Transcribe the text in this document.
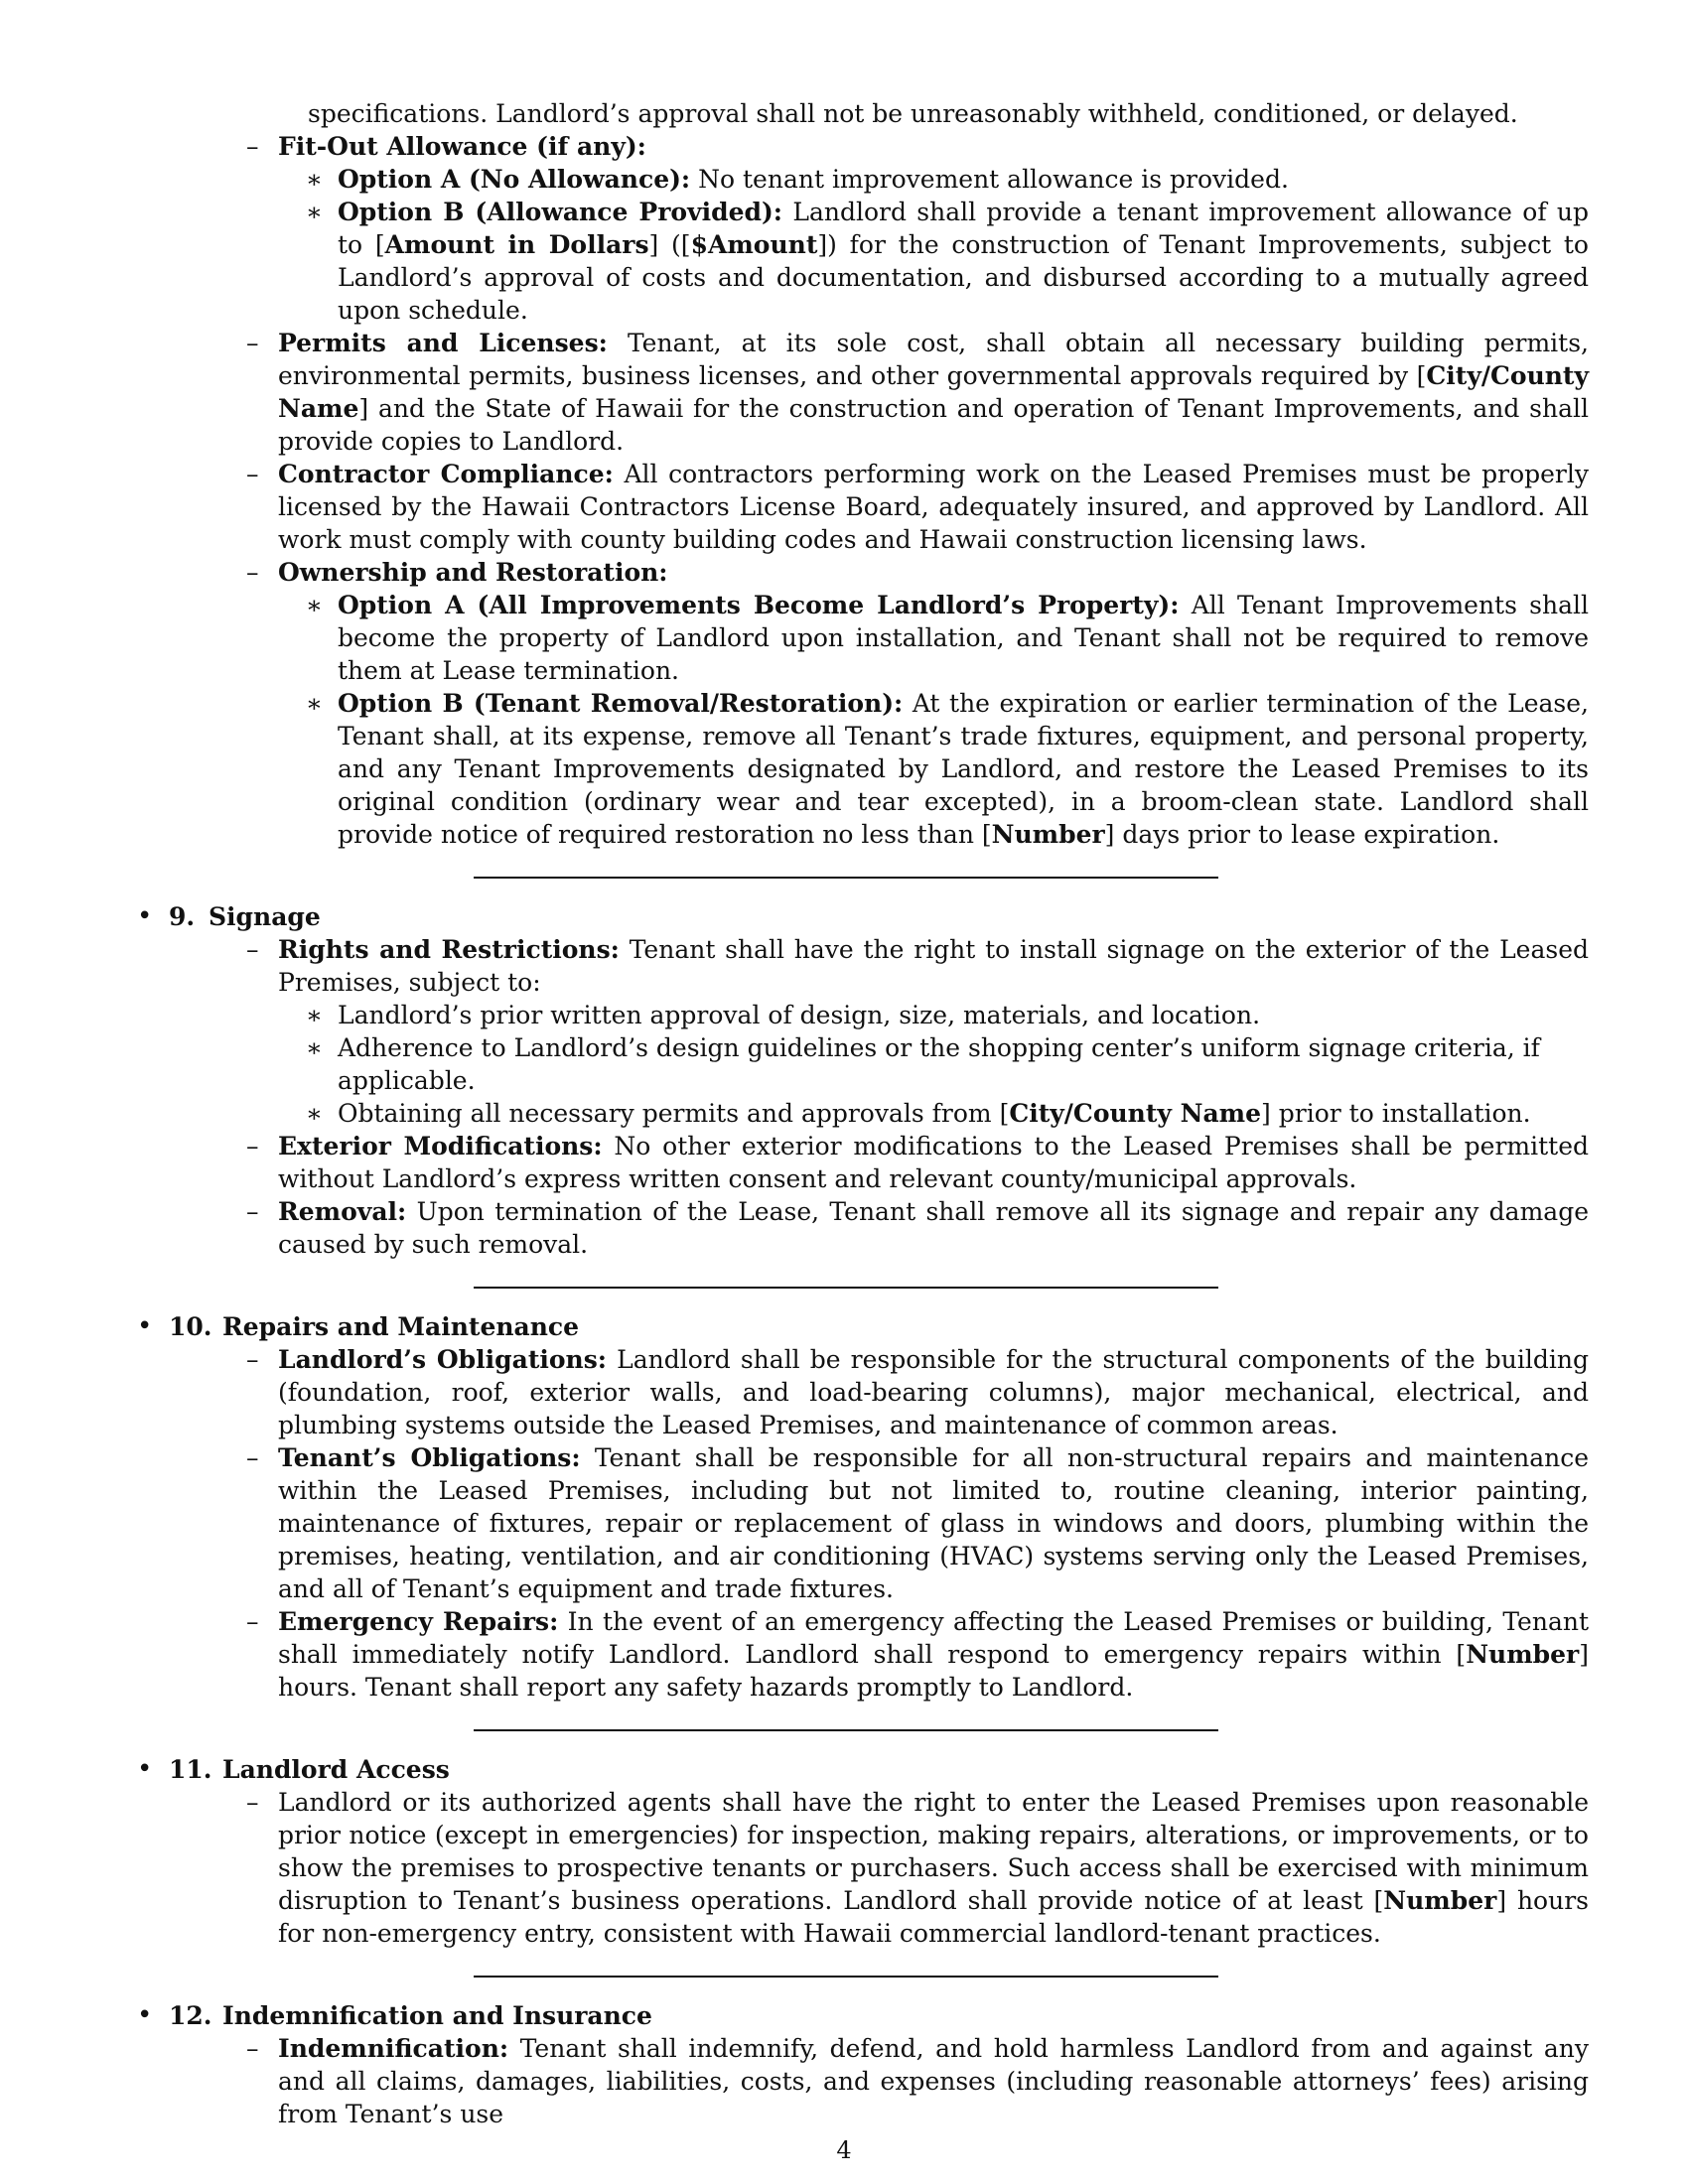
specifications. Landlord’s approval shall not be unreasonably withheld, conditioned, or delayed.
– Fit-Out Allowance (if any):
∗ Option A (No Allowance): No tenant improvement allowance is provided.
∗ Option B (Allowance Provided): Landlord shall provide a tenant improvement allowance of up to [Amount in Dollars] ([$Amount]) for the construction of Tenant Improvements, subject to Landlord’s approval of costs and documentation, and disbursed according to a mutually agreed upon schedule.
– Permits and Licenses: Tenant, at its sole cost, shall obtain all necessary building permits, environmental permits, business licenses, and other governmental approvals required by [City/County Name] and the State of Hawaii for the construction and operation of Tenant Improvements, and shall provide copies to Landlord.
– Contractor Compliance: All contractors performing work on the Leased Premises must be properly licensed by the Hawaii Contractors License Board, adequately insured, and approved by Landlord. All work must comply with county building codes and Hawaii construction licensing laws.
– Ownership and Restoration:
∗ Option A (All Improvements Become Landlord’s Property): All Tenant Improvements shall become the property of Landlord upon installation, and Tenant shall not be required to remove them at Lease termination.
∗ Option B (Tenant Removal/Restoration): At the expiration or earlier termination of the Lease, Tenant shall, at its expense, remove all Tenant’s trade fixtures, equipment, and personal property, and any Tenant Improvements designated by Landlord, and restore the Leased Premises to its original condition (ordinary wear and tear excepted), in a broom-clean state. Landlord shall provide notice of required restoration no less than [Number] days prior to lease expiration.
• 9. Signage
– Rights and Restrictions: Tenant shall have the right to install signage on the exterior of the Leased Premises, subject to:
∗ Landlord’s prior written approval of design, size, materials, and location.
∗ Adherence to Landlord’s design guidelines or the shopping center’s uniform signage criteria, if applicable.
∗ Obtaining all necessary permits and approvals from [City/County Name] prior to installation.
– Exterior Modifications: No other exterior modifications to the Leased Premises shall be permitted without Landlord’s express written consent and relevant county/municipal approvals.
– Removal: Upon termination of the Lease, Tenant shall remove all its signage and repair any damage caused by such removal.
• 10. Repairs and Maintenance
– Landlord’s Obligations: Landlord shall be responsible for the structural components of the building (foundation, roof, exterior walls, and load-bearing columns), major mechanical, electrical, and plumbing systems outside the Leased Premises, and maintenance of common areas.
– Tenant’s Obligations: Tenant shall be responsible for all non-structural repairs and maintenance within the Leased Premises, including but not limited to, routine cleaning, interior painting, maintenance of fixtures, repair or replacement of glass in windows and doors, plumbing within the premises, heating, ventilation, and air conditioning (HVAC) systems serving only the Leased Premises, and all of Tenant’s equipment and trade fixtures.
– Emergency Repairs: In the event of an emergency affecting the Leased Premises or building, Tenant shall immediately notify Landlord. Landlord shall respond to emergency repairs within [Number] hours. Tenant shall report any safety hazards promptly to Landlord.
• 11. Landlord Access
– Landlord or its authorized agents shall have the right to enter the Leased Premises upon reasonable prior notice (except in emergencies) for inspection, making repairs, alterations, or improvements, or to show the premises to prospective tenants or purchasers. Such access shall be exercised with minimum disruption to Tenant’s business operations. Landlord shall provide notice of at least [Number] hours for non-emergency entry, consistent with Hawaii commercial landlord-tenant practices.
• 12. Indemnification and Insurance
– Indemnification: Tenant shall indemnify, defend, and hold harmless Landlord from and against any and all claims, damages, liabilities, costs, and expenses (including reasonable attorneys’ fees) arising from Tenant’s use
4
